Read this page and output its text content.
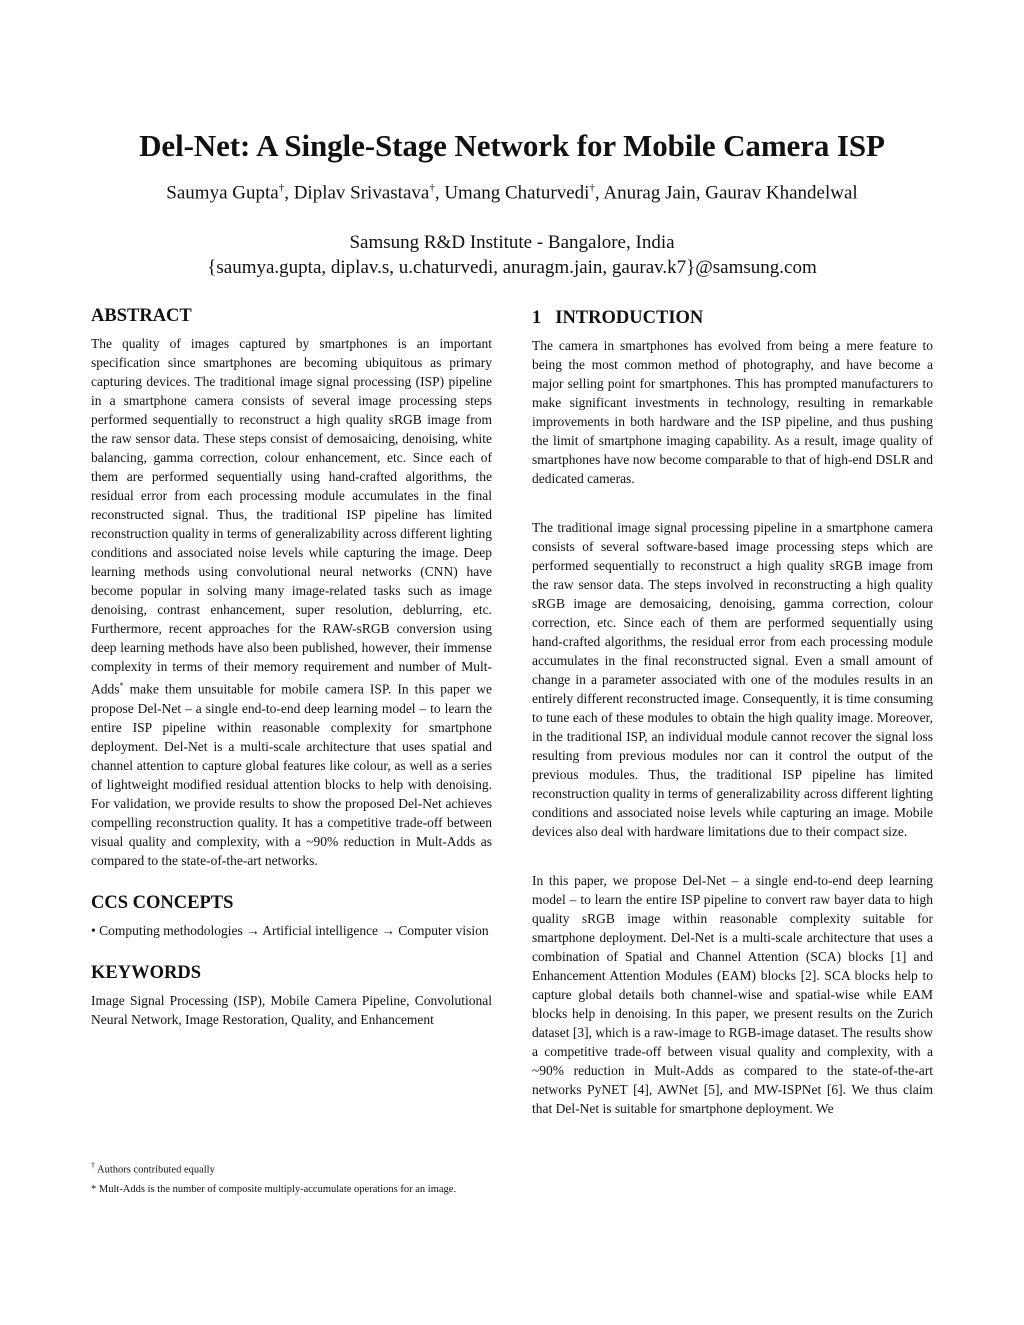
Del-Net: A Single-Stage Network for Mobile Camera ISP
Saumya Gupta†, Diplav Srivastava†, Umang Chaturvedi†, Anurag Jain, Gaurav Khandelwal
Samsung R&D Institute - Bangalore, India
{saumya.gupta, diplav.s, u.chaturvedi, anuragm.jain, gaurav.k7}@samsung.com
ABSTRACT

The quality of images captured by smartphones is an important specification since smartphones are becoming ubiquitous as primary capturing devices. The traditional image signal processing (ISP) pipeline in a smartphone camera consists of several image processing steps performed sequentially to reconstruct a high quality sRGB image from the raw sensor data. These steps consist of demosaicing, denoising, white balancing, gamma correction, colour enhancement, etc. Since each of them are performed sequentially using hand-crafted algorithms, the residual error from each processing module accumulates in the final reconstructed signal. Thus, the traditional ISP pipeline has limited reconstruction quality in terms of generalizability across different lighting conditions and associated noise levels while capturing the image. Deep learning methods using convolutional neural networks (CNN) have become popular in solving many image-related tasks such as image denoising, contrast enhancement, super resolution, deblurring, etc. Furthermore, recent approaches for the RAW-sRGB conversion using deep learning methods have also been published, however, their immense complexity in terms of their memory requirement and number of Mult-Adds* make them unsuitable for mobile camera ISP. In this paper we propose Del-Net – a single end-to-end deep learning model – to learn the entire ISP pipeline within reasonable complexity for smartphone deployment. Del-Net is a multi-scale architecture that uses spatial and channel attention to capture global features like colour, as well as a series of lightweight modified residual attention blocks to help with denoising. For validation, we provide results to show the proposed Del-Net achieves compelling reconstruction quality. It has a competitive trade-off between visual quality and complexity, with a ~90% reduction in Mult-Adds as compared to the state-of-the-art networks.

CCS CONCEPTS

• Computing methodologies → Artificial intelligence → Computer vision

KEYWORDS

Image Signal Processing (ISP), Mobile Camera Pipeline, Convolutional Neural Network, Image Restoration, Quality, and Enhancement

† Authors contributed equally
* Mult-Adds is the number of composite multiply-accumulate operations for an image.
1 INTRODUCTION

The camera in smartphones has evolved from being a mere feature to being the most common method of photography, and have become a major selling point for smartphones. This has prompted manufacturers to make significant investments in technology, resulting in remarkable improvements in both hardware and the ISP pipeline, and thus pushing the limit of smartphone imaging capability. As a result, image quality of smartphones have now become comparable to that of high-end DSLR and dedicated cameras.

The traditional image signal processing pipeline in a smartphone camera consists of several software-based image processing steps which are performed sequentially to reconstruct a high quality sRGB image from the raw sensor data. The steps involved in reconstructing a high quality sRGB image are demosaicing, denoising, gamma correction, colour correction, etc. Since each of them are performed sequentially using hand-crafted algorithms, the residual error from each processing module accumulates in the final reconstructed signal. Even a small amount of change in a parameter associated with one of the modules results in an entirely different reconstructed image. Consequently, it is time consuming to tune each of these modules to obtain the high quality image. Moreover, in the traditional ISP, an individual module cannot recover the signal loss resulting from previous modules nor can it control the output of the previous modules. Thus, the traditional ISP pipeline has limited reconstruction quality in terms of generalizability across different lighting conditions and associated noise levels while capturing an image. Mobile devices also deal with hardware limitations due to their compact size.

In this paper, we propose Del-Net – a single end-to-end deep learning model – to learn the entire ISP pipeline to convert raw bayer data to high quality sRGB image within reasonable complexity suitable for smartphone deployment. Del-Net is a multi-scale architecture that uses a combination of Spatial and Channel Attention (SCA) blocks [1] and Enhancement Attention Modules (EAM) blocks [2]. SCA blocks help to capture global details both channel-wise and spatial-wise while EAM blocks help in denoising. In this paper, we present results on the Zurich dataset [3], which is a raw-image to RGB-image dataset. The results show a competitive trade-off between visual quality and complexity, with a ~90% reduction in Mult-Adds as compared to the state-of-the-art networks PyNET [4], AWNet [5], and MW-ISPNet [6]. We thus claim that Del-Net is suitable for smartphone deployment. We
